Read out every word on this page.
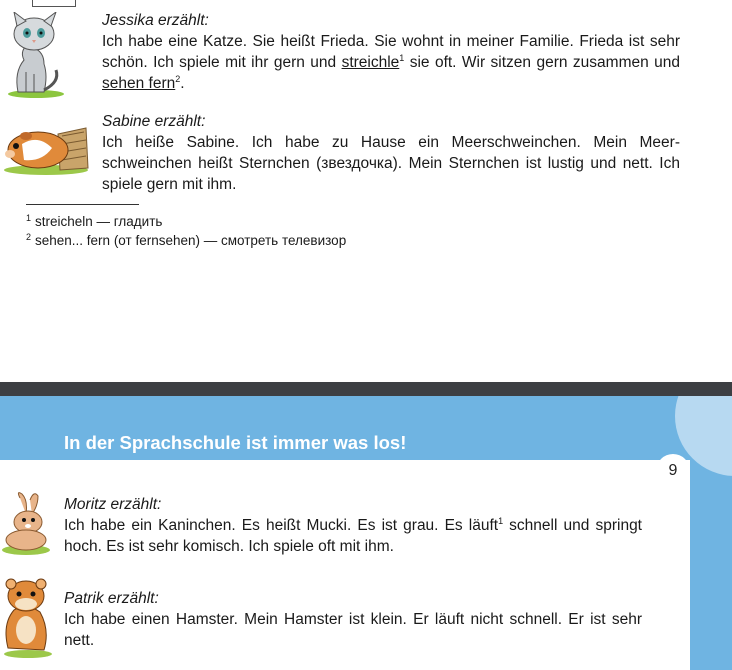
Jessika erzählt:
Ich habe eine Katze. Sie heißt Frieda. Sie wohnt in meiner Familie. Frieda ist sehr schön. Ich spiele mit ihr gern und streichle$^1$ sie oft. Wir sitzen gern zusammen und sehen fern$^2$.
Sabine erzählt:
Ich heiße Sabine. Ich habe zu Hause ein Meerschweinchen. Mein Meerschweinchen heißt Sternchen (звездочка). Mein Sternchen ist lustig und nett. Ich spiele gern mit ihm.
$^1$ streicheln — гладить
$^2$ sehen... fern (от fernsehen) — смотреть телевизор
In der Sprachschule ist immer was los!
9
Moritz erzählt:
Ich habe ein Kaninchen. Es heißt Mucki. Es ist grau. Es läuft$^1$ schnell und springt hoch. Es ist sehr komisch. Ich spiele oft mit ihm.
Patrik erzählt:
Ich habe einen Hamster. Mein Hamster ist klein. Er läuft nicht schnell. Er ist sehr nett.
